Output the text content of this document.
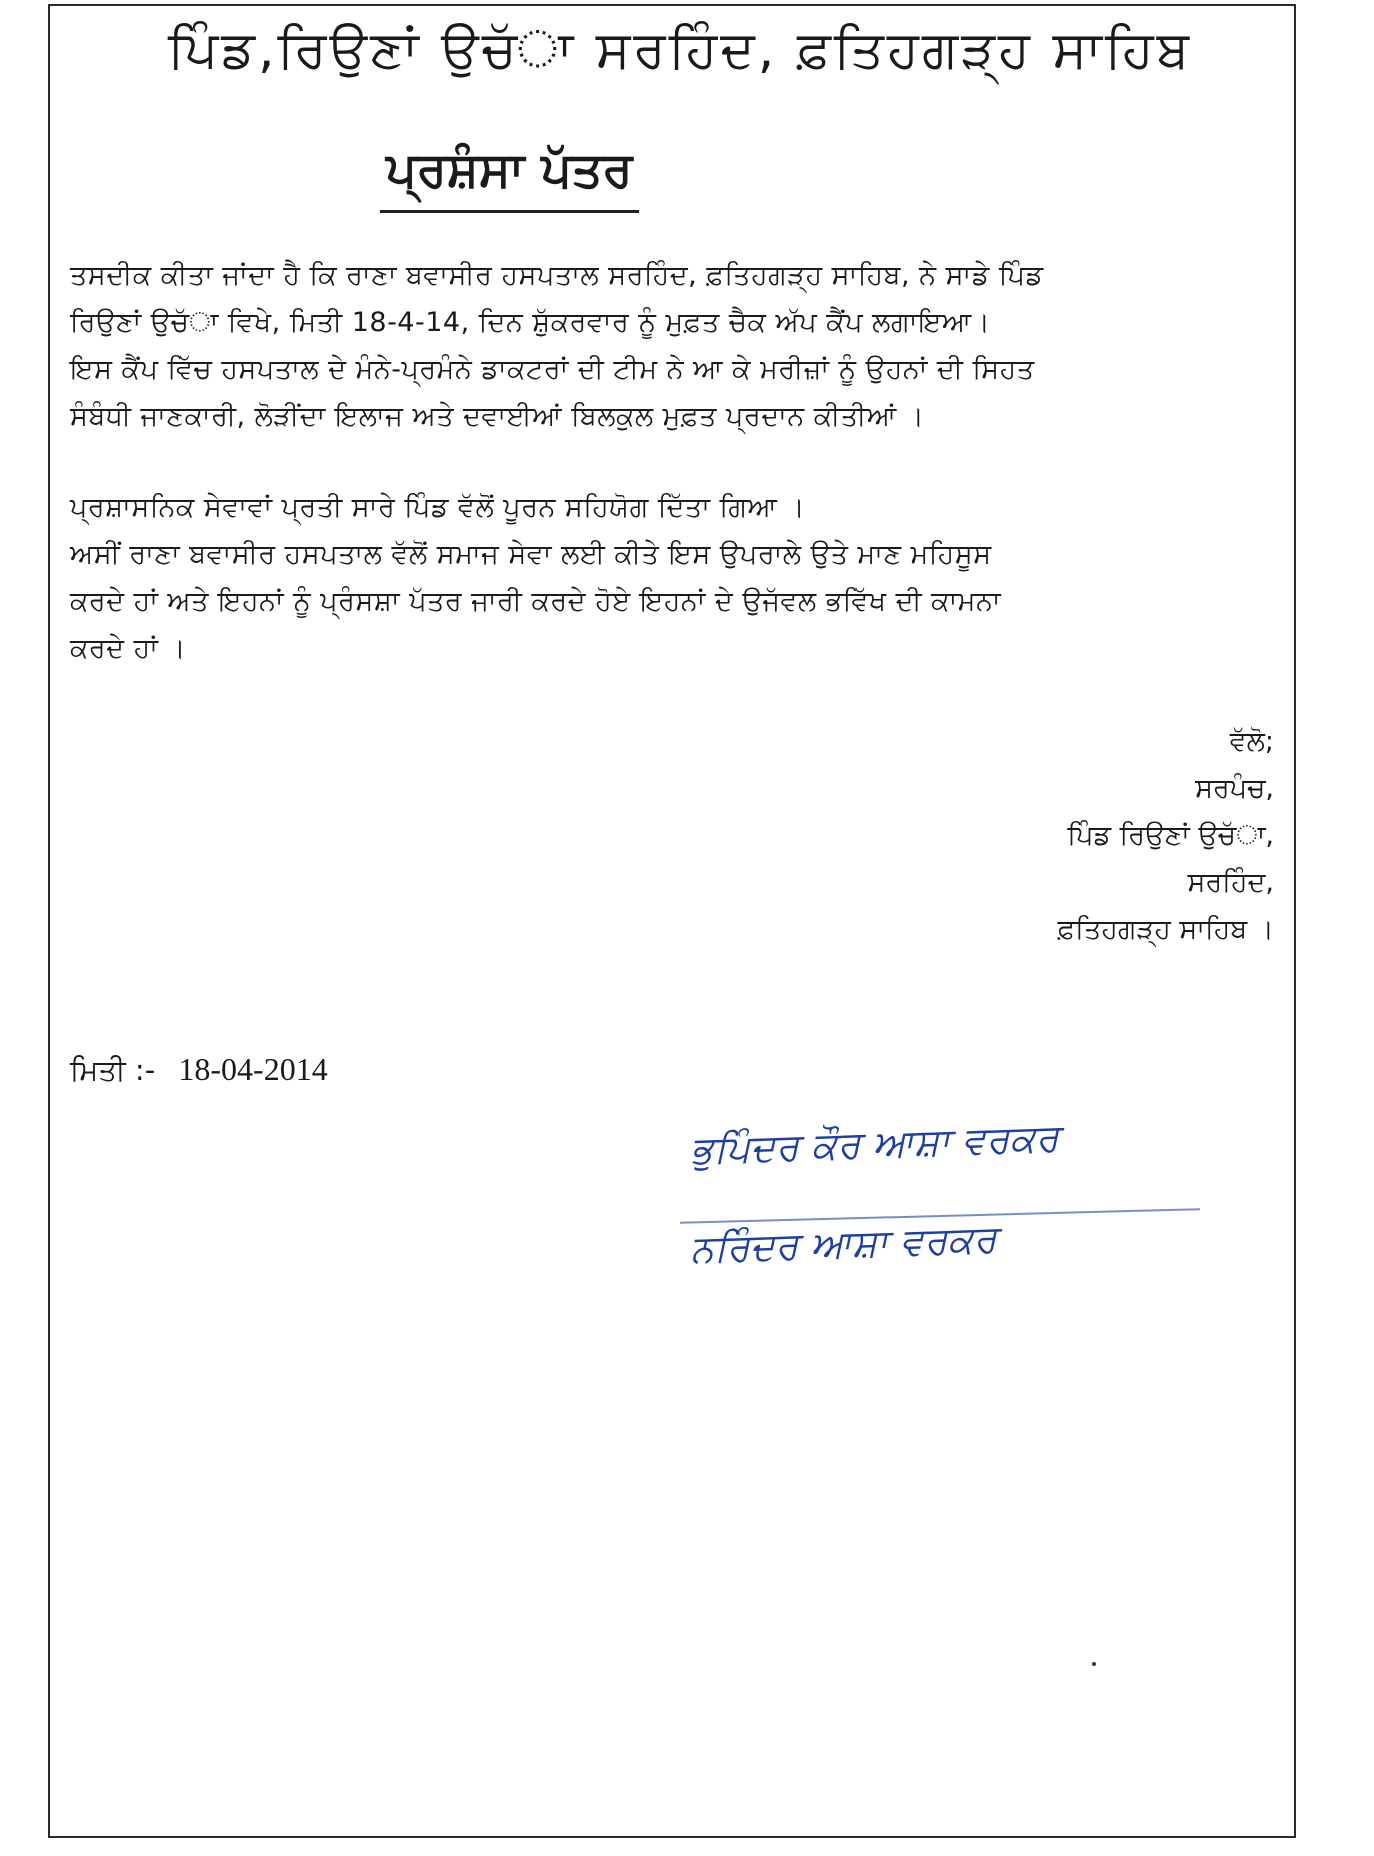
ਪਿੰਡ,ਰਿਉਣਾਂ ਉਚੱਾ ਸਰਹਿੰਦ, ਫ਼ਤਿਹਗੜ੍ਹ ਸਾਹਿਬ
ਪ੍ਰਸ਼ੰਸਾ ਪੱਤਰ

ਤਸਦੀਕ ਕੀਤਾ ਜਾਂਦਾ ਹੈ ਕਿ ਰਾਣਾ ਬਵਾਸੀਰ ਹਸਪਤਾਲ ਸਰਹਿੰਦ, ਫ਼ਤਿਹਗੜ੍ਹ ਸਾਹਿਬ, ਨੇ ਸਾਡੇ ਪਿੰਡ

ਰਿਉਣਾਂ ਉਚੱਾ ਵਿਖੇ, ਮਿਤੀ 18-4-14, ਦਿਨ ਸ਼ੁੱਕਰਵਾਰ ਨੂੰ ਮੁਫ਼ਤ ਚੈਕ ਅੱਪ ਕੈਂਪ ਲਗਾਇਆ।

ਇਸ ਕੈਂਪ ਵਿੱਚ ਹਸਪਤਾਲ ਦੇ ਮੰਨੇ-ਪ੍ਰਮੰਨੇ ਡਾਕਟਰਾਂ ਦੀ ਟੀਮ ਨੇ ਆ ਕੇ ਮਰੀਜ਼ਾਂ ਨੂੰ ਉਹਨਾਂ ਦੀ ਸਿਹਤ

ਸੰਬੰਧੀ ਜਾਣਕਾਰੀ, ਲੋੜੀਂਦਾ ਇਲਾਜ ਅਤੇ ਦਵਾਈਆਂ ਬਿਲਕੁਲ ਮੁਫ਼ਤ ਪ੍ਰਦਾਨ ਕੀਤੀਆਂ ।

ਪ੍ਰਸ਼ਾਸਨਿਕ ਸੇਵਾਵਾਂ ਪ੍ਰਤੀ ਸਾਰੇ ਪਿੰਡ ਵੱਲੋਂ ਪੂਰਨ ਸਹਿਯੋਗ ਦਿੱਤਾ ਗਿਆ ।

ਅਸੀਂ ਰਾਣਾ ਬਵਾਸੀਰ ਹਸਪਤਾਲ ਵੱਲੋਂ ਸਮਾਜ ਸੇਵਾ ਲਈ ਕੀਤੇ ਇਸ ਉਪਰਾਲੇ ਉਤੇ ਮਾਣ ਮਹਿਸੂਸ

ਕਰਦੇ ਹਾਂ ਅਤੇ ਇਹਨਾਂ ਨੂੰ ਪ੍ਰੰਸਸ਼ਾ ਪੱਤਰ ਜਾਰੀ ਕਰਦੇ ਹੋਏ ਇਹਨਾਂ ਦੇ ਉਜੱਵਲ ਭਵਿੱਖ ਦੀ ਕਾਮਨਾ

ਕਰਦੇ ਹਾਂ ।

ਵੱਲੋ;
ਸਰਪੰਚ,
ਪਿੰਡ ਰਿਉਣਾਂ ਉਚੱਾ,
ਸਰਹਿੰਦ,
ਫ਼ਤਿਹਗੜ੍ਹ ਸਾਹਿਬ ।
ਮਿਤੀ :- 18-04-2014
ਭੁਪਿੰਦਰ ਕੌਰ ਆਸ਼ਾ ਵਰਕਰ
ਨਰਿੰਦਰ ਆਸ਼ਾ ਵਰਕਰ
